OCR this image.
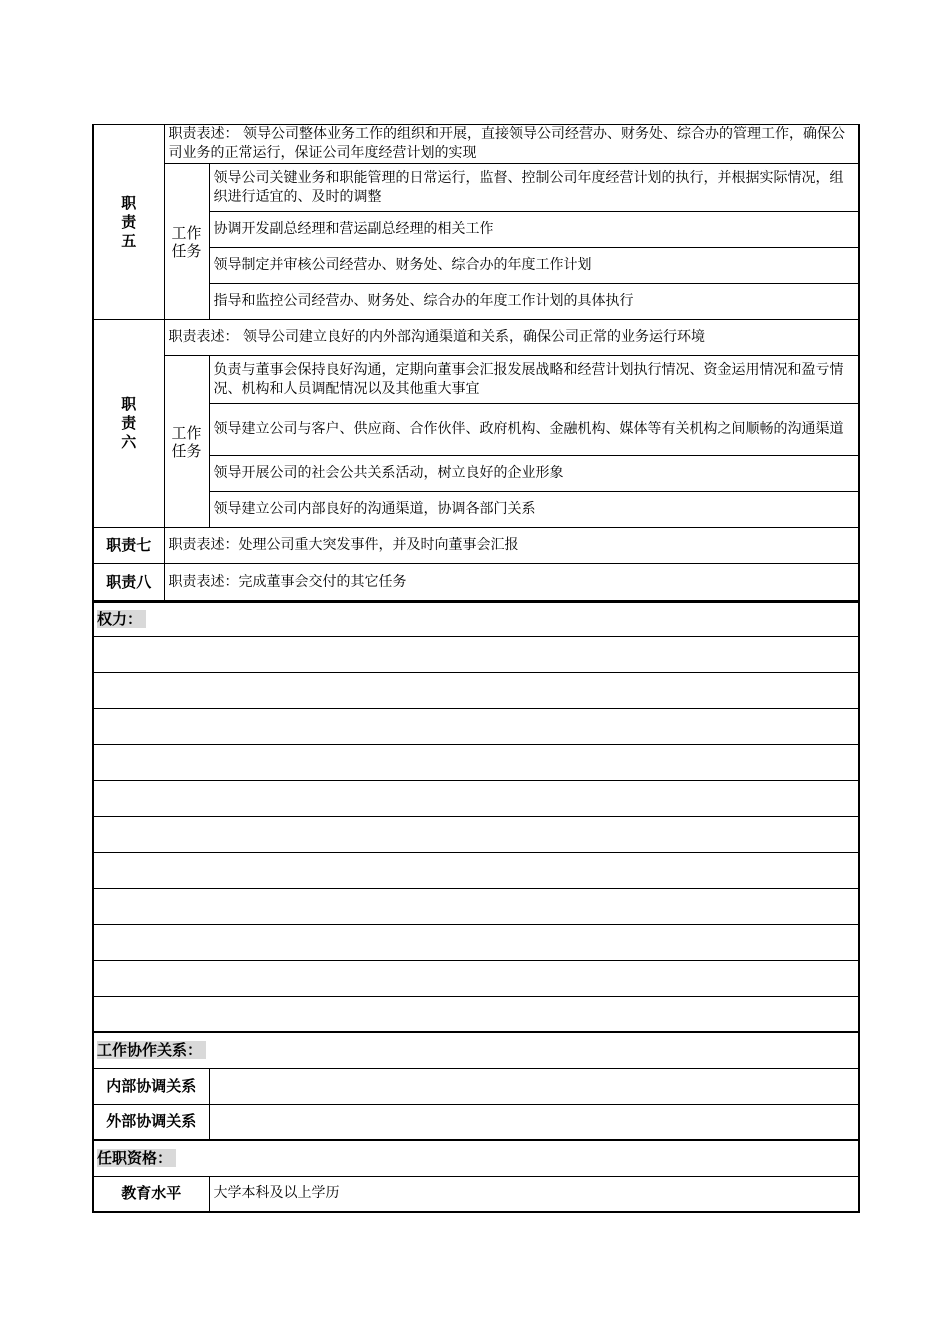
职责五	职责表述： 领导公司整体业务工作的组织和开展，直接领导公司经营办、财务处、综合办的管理工作，确保公司业务的正常运行，保证公司年度经营计划的实现	
	工作任务	领导公司关键业务和职能管理的日常运行，监督、控制公司年度经营计划的执行，并根据实际情况，组织进行适宜的、及时的调整
		协调开发副总经理和营运副总经理的相关工作
		领导制定并审核公司经营办、财务处、综合办的年度工作计划
		指导和监控公司经营办、财务处、综合办的年度工作计划的具体执行
职责六	职责表述： 领导公司建立良好的内外部沟通渠道和关系，确保公司正常的业务运行环境	
	工作任务	负责与董事会保持良好沟通，定期向董事会汇报发展战略和经营计划执行情况、资金运用情况和盈亏情况、机构和人员调配情况以及其他重大事宜
		领导建立公司与客户、供应商、合作伙伴、政府机构、金融机构、媒体等有关机构之间顺畅的沟通渠道
		领导开展公司的社会公共关系活动，树立良好的企业形象
		领导建立公司内部良好的沟通渠道，协调各部门关系
职责七	职责表述：处理公司重大突发事件，并及时向董事会汇报	
职责八	职责表述：完成董事会交付的其它任务	
权力：	

工作协作关系：	
内部协调关系	
外部协调关系	
任职资格：	
教育水平	大学本科及以上学历
